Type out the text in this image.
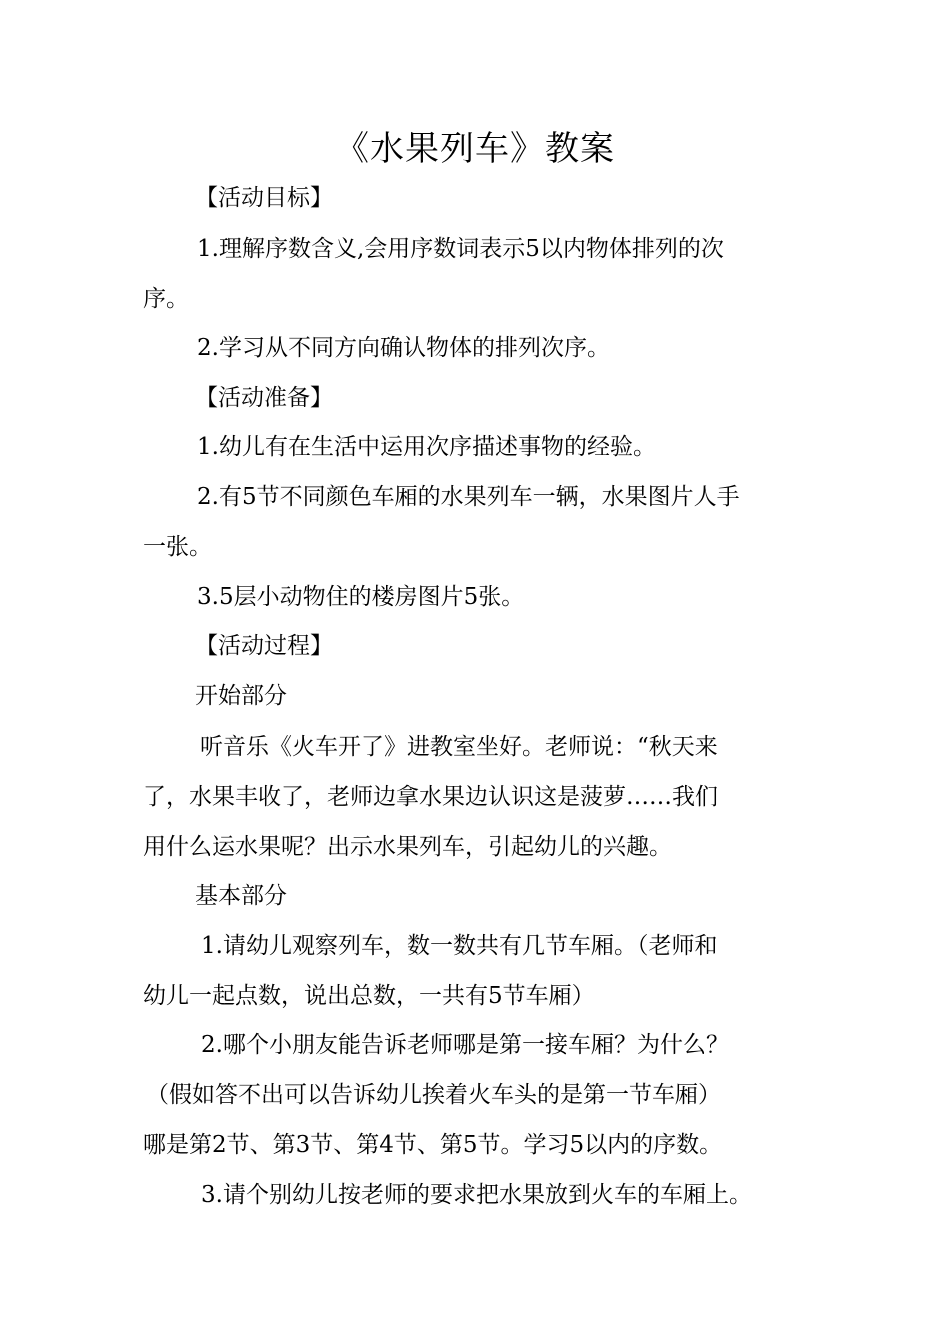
《水果列车》教案
【活动目标】
1.理解序数含义,会用序数词表示5以内物体排列的次
序。
2.学习从不同方向确认物体的排列次序。
【活动准备】
1.幼儿有在生活中运用次序描述事物的经验。
2.有5节不同颜色车厢的水果列车一辆，水果图片人手
一张。
3.5层小动物住的楼房图片5张。
【活动过程】
开始部分
听音乐《火车开了》进教室坐好。老师说：“秋天来
了，水果丰收了，老师边拿水果边认识这是菠萝……我们
用什么运水果呢？出示水果列车，引起幼儿的兴趣。
基本部分
1.请幼儿观察列车，数一数共有几节车厢。（老师和
幼儿一起点数，说出总数，一共有5节车厢）
2.哪个小朋友能告诉老师哪是第一接车厢？为什么？
（假如答不出可以告诉幼儿挨着火车头的是第一节车厢）
哪是第2节、第3节、第4节、第5节。学习5以内的序数。
3.请个别幼儿按老师的要求把水果放到火车的车厢上。
